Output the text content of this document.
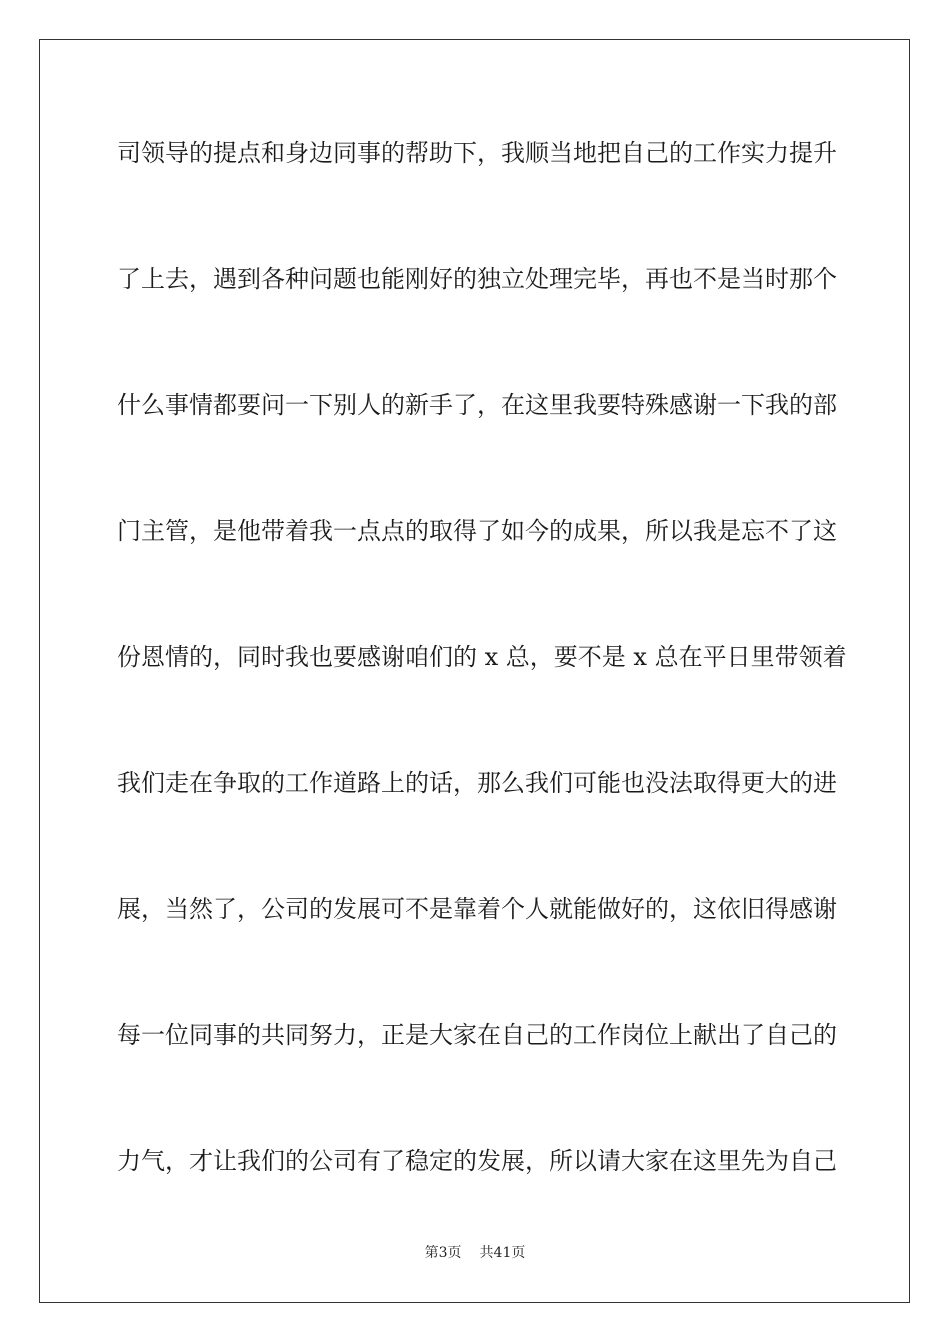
司领导的提点和身边同事的帮助下，我顺当地把自己的工作实力提升
了上去，遇到各种问题也能刚好的独立处理完毕，再也不是当时那个
什么事情都要问一下别人的新手了，在这里我要特殊感谢一下我的部
门主管，是他带着我一点点的取得了如今的成果，所以我是忘不了这
份恩情的，同时我也要感谢咱们的 x 总，要不是 x 总在平日里带领着
我们走在争取的工作道路上的话，那么我们可能也没法取得更大的进
展，当然了，公司的发展可不是靠着个人就能做好的，这依旧得感谢
每一位同事的共同努力，正是大家在自己的工作岗位上献出了自己的
力气，才让我们的公司有了稳定的发展，所以请大家在这里先为自己
第3页 共41页
